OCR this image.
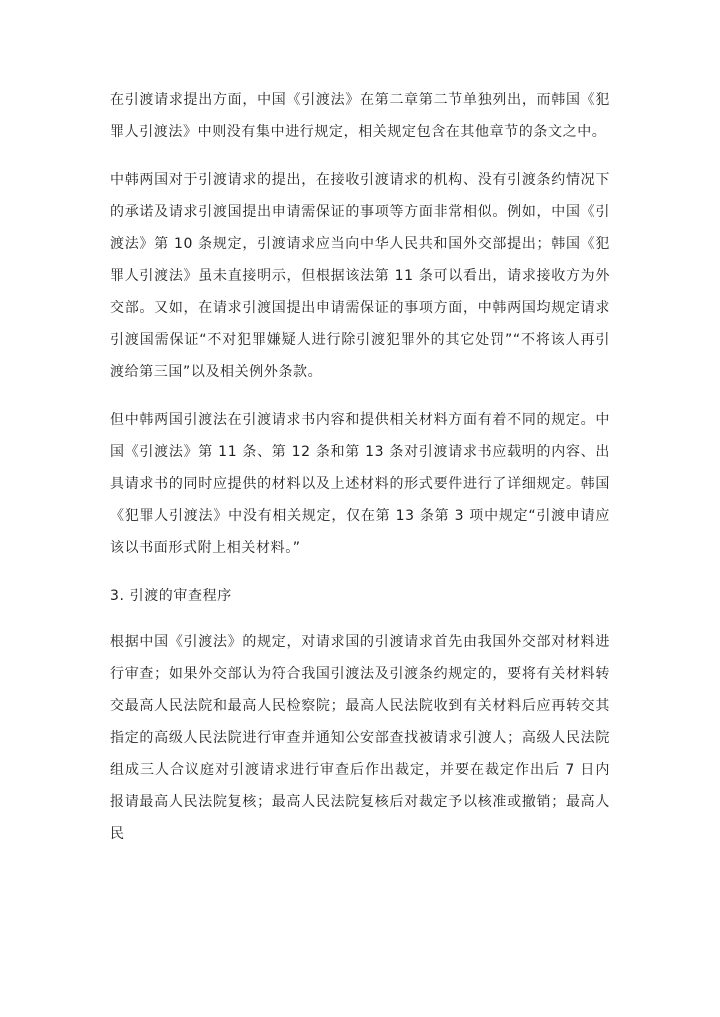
在引渡请求提出方面，中国《引渡法》在第二章第二节单独列出，而韩国《犯罪人引渡法》中则没有集中进行规定，相关规定包含在其他章节的条文之中。

中韩两国对于引渡请求的提出，在接收引渡请求的机构、没有引渡条约情况下的承诺及请求引渡国提出申请需保证的事项等方面非常相似。例如，中国《引渡法》第 10 条规定，引渡请求应当向中华人民共和国外交部提出；韩国《犯罪人引渡法》虽未直接明示，但根据该法第 11 条可以看出，请求接收方为外交部。又如，在请求引渡国提出申请需保证的事项方面，中韩两国均规定请求引渡国需保证“不对犯罪嫌疑人进行除引渡犯罪外的其它处罚”“不将该人再引渡给第三国”以及相关例外条款。

但中韩两国引渡法在引渡请求书内容和提供相关材料方面有着不同的规定。中国《引渡法》第 11 条、第 12 条和第 13 条对引渡请求书应载明的内容、出具请求书的同时应提供的材料以及上述材料的形式要件进行了详细规定。韩国《犯罪人引渡法》中没有相关规定，仅在第 13 条第 3 项中规定“引渡申请应该以书面形式附上相关材料。”

3. 引渡的审查程序

根据中国《引渡法》的规定，对请求国的引渡请求首先由我国外交部对材料进行审查；如果外交部认为符合我国引渡法及引渡条约规定的，要将有关材料转交最高人民法院和最高人民检察院；最高人民法院收到有关材料后应再转交其指定的高级人民法院进行审查并通知公安部查找被请求引渡人；高级人民法院组成三人合议庭对引渡请求进行审查后作出裁定，并要在裁定作出后 7 日内报请最高人民法院复核；最高人民法院复核后对裁定予以核准或撤销；最高人民
